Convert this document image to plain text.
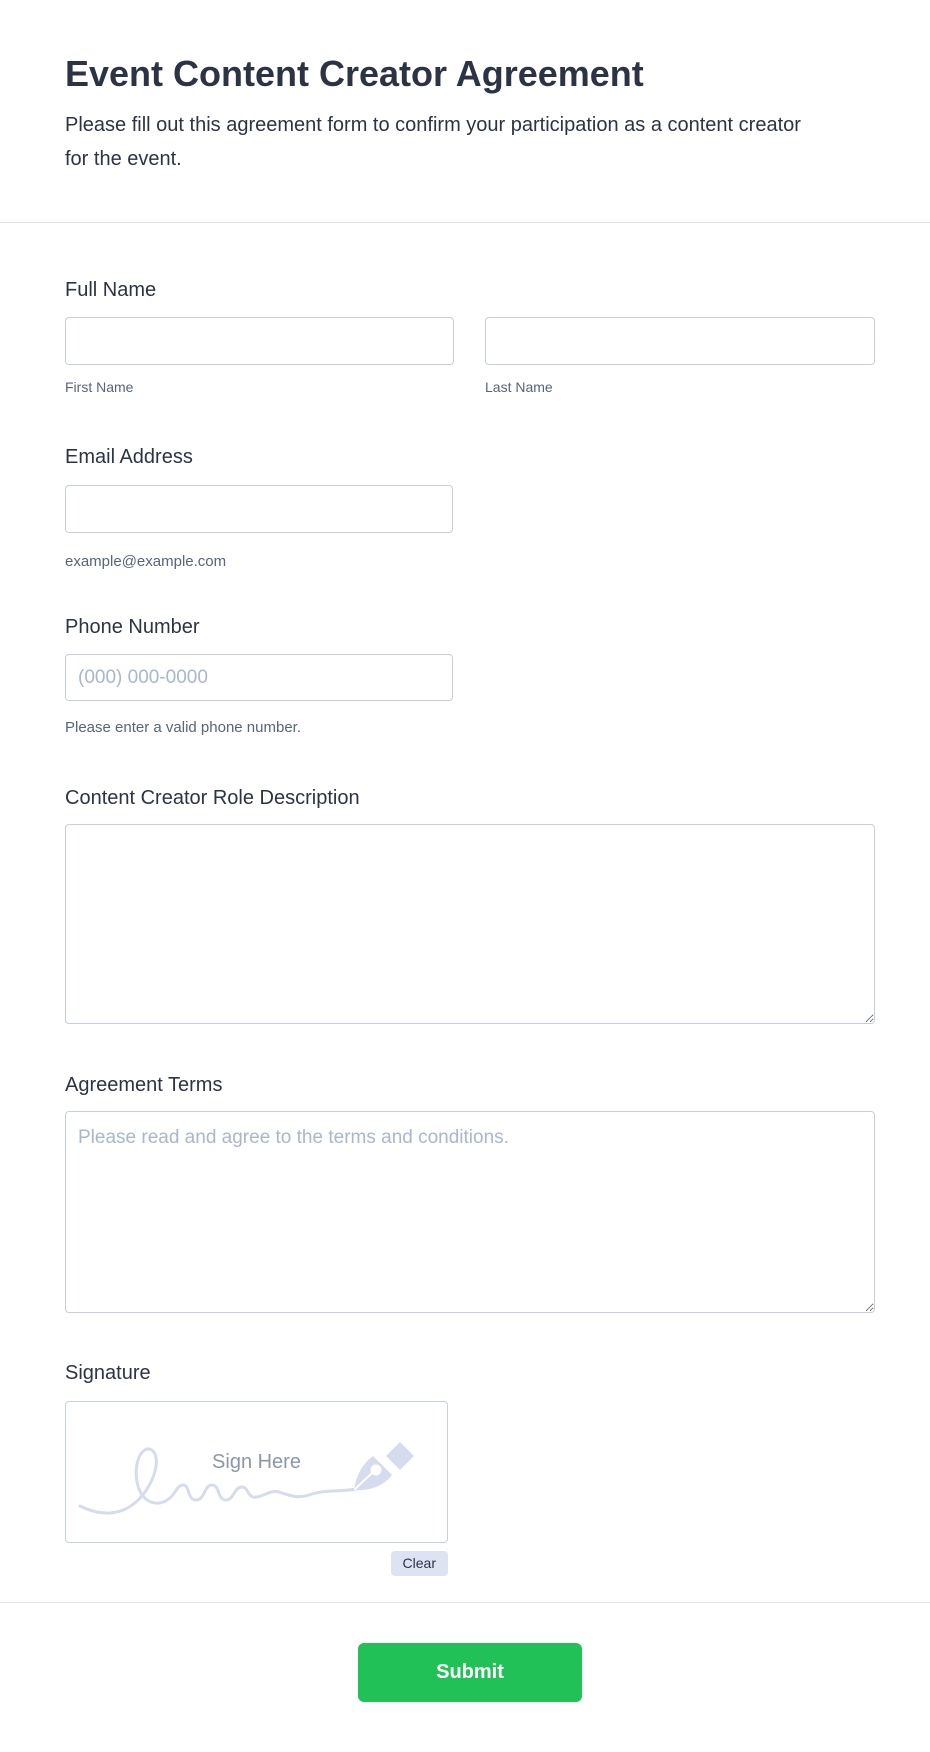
Event Content Creator Agreement

Please fill out this agreement form to confirm your participation as a content creator for the event.

Full Name
First Name	Last Name
Email Address
example@example.com
Phone Number
(000) 000-0000
Please enter a valid phone number.
Content Creator Role Description
Agreement Terms
Please read and agree to the terms and conditions.
Signature
Sign Here
Clear
Submit
